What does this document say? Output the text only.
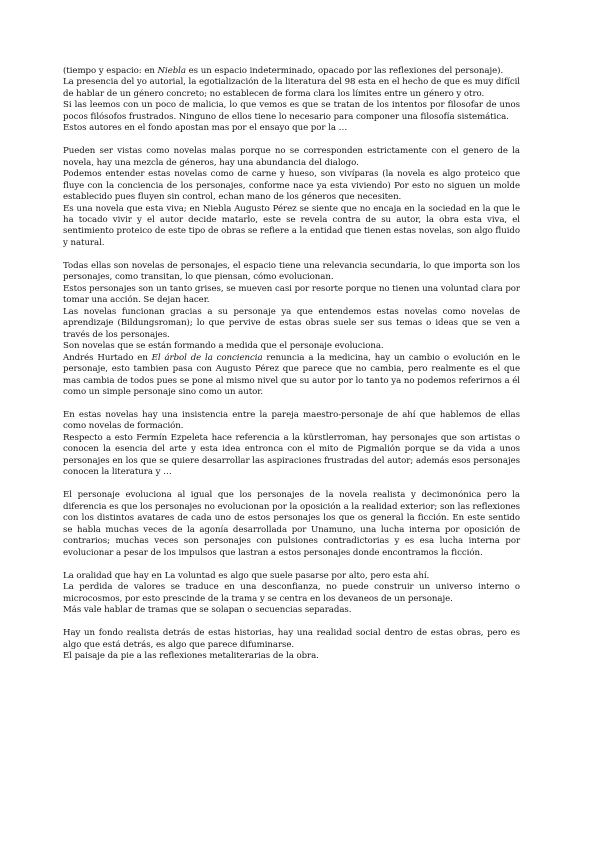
(tiempo y espacio: en Niebla es un espacio indeterminado, opacado por las reflexiones del personaje).

La presencia del yo autorial, la egotialización de la literatura del 98 esta en el hecho de que es muy difícil de hablar de un género concreto; no establecen de forma clara los límites entre un género y otro.

Si las leemos con un poco de malicia, lo que vemos es que se tratan de los intentos por filosofar de unos pocos filósofos frustrados. Ninguno de ellos tiene lo necesario para componer una filosofía sistemática.

Estos autores en el fondo apostan mas por el ensayo que por la …

Pueden ser vistas como novelas malas porque no se corresponden estrictamente con el genero de la novela, hay una mezcla de géneros, hay una abundancia del dialogo.

Podemos entender estas novelas como de carne y hueso, son vivíparas (la novela es algo proteico que fluye con la conciencia de los personajes, conforme nace ya esta viviendo) Por esto no siguen un molde establecido pues fluyen sin control, echan mano de los géneros que necesiten.

Es una novela que esta viva; en Niebla Augusto Pérez se siente que no encaja en la sociedad en la que le ha tocado vivir y el autor decide matarlo, este se revela contra de su autor, la obra esta viva, el sentimiento proteico de este tipo de obras se refiere a la entidad que tienen estas novelas, son algo fluido y natural.

Todas ellas son novelas de personajes, el espacio tiene una relevancia secundaria, lo que importa son los personajes, como transitan, lo que piensan, cómo evolucionan.

Estos personajes son un tanto grises, se mueven casi por resorte porque no tienen una voluntad clara por tomar una acción. Se dejan hacer.

Las novelas funcionan gracias a su personaje ya que entendemos estas novelas como novelas de aprendizaje (Bildungsroman); lo que pervive de estas obras suele ser sus temas o ideas que se ven a través de los personajes.

Son novelas que se están formando a medida que el personaje evoluciona.

Andrés Hurtado en El árbol de la conciencia renuncia a la medicina, hay un cambio o evolución en le personaje, esto tambien pasa con Augusto Pérez que parece que no cambia, pero realmente es el que mas cambia de todos pues se pone al mismo nivel que su autor por lo tanto ya no podemos referirnos a él como un simple personaje sino como un autor.

En estas novelas hay una insistencia entre la pareja maestro-personaje de ahí que hablemos de ellas como novelas de formación.

Respecto a esto Fermín Ezpeleta hace referencia a la kürstlerroman, hay personajes que son artistas o conocen la esencia del arte y esta idea entronca con el mito de Pigmalión porque se da vida a unos personajes en los que se quiere desarrollar las aspiraciones frustradas del autor; además esos personajes conocen la literatura y …

El personaje evoluciona al igual que los personajes de la novela realista y decimonónica pero la diferencia es que los personajes no evolucionan por la oposición a la realidad exterior; son las reflexiones con los distintos avatares de cada uno de estos personajes los que os general la ficción. En este sentido se habla muchas veces de la agonía desarrollada por Unamuno, una lucha interna por oposición de contrarios; muchas veces son personajes con pulsiones contradictorias y es esa lucha interna por evolucionar a pesar de los impulsos que lastran a estos personajes donde encontramos la ficción.

La oralidad que hay en La voluntad es algo que suele pasarse por alto, pero esta ahí.

La perdida de valores se traduce en una desconfianza, no puede construir un universo interno o microcosmos, por esto prescinde de la trama y se centra en los devaneos de un personaje.

Más vale hablar de tramas que se solapan o secuencias separadas.

Hay un fondo realista detrás de estas historias, hay una realidad social dentro de estas obras, pero es algo que está detrás, es algo que parece difuminarse.

El paisaje da pie a las reflexiones metaliterarias de la obra.
